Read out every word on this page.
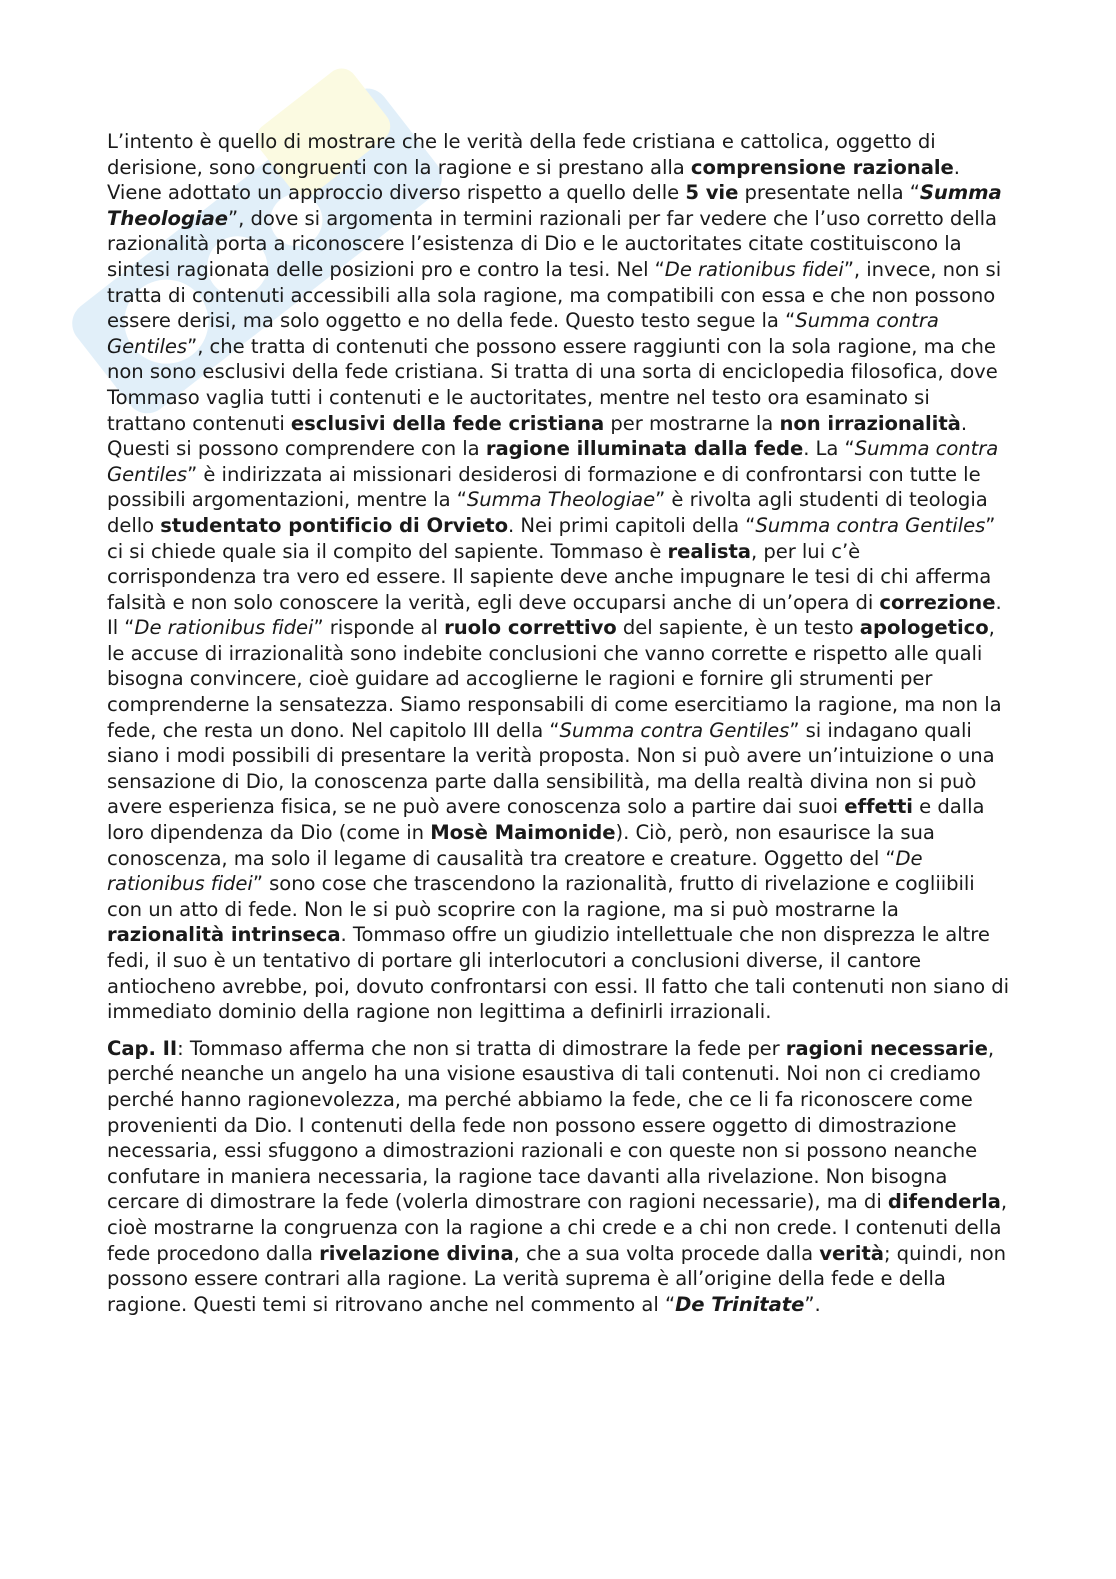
L’intento è quello di mostrare che le verità della fede cristiana e cattolica, oggetto di derisione, sono congruenti con la ragione e si prestano alla comprensione razionale. Viene adottato un approccio diverso rispetto a quello delle 5 vie presentate nella “Summa Theologiae”, dove si argomenta in termini razionali per far vedere che l’uso corretto della razionalità porta a riconoscere l’esistenza di Dio e le auctoritates citate costituiscono la sintesi ragionata delle posizioni pro e contro la tesi. Nel “De rationibus fidei”, invece, non si tratta di contenuti accessibili alla sola ragione, ma compatibili con essa e che non possono essere derisi, ma solo oggetto e no della fede. Questo testo segue la “Summa contra Gentiles”, che tratta di contenuti che possono essere raggiunti con la sola ragione, ma che non sono esclusivi della fede cristiana. Si tratta di una sorta di enciclopedia filosofica, dove Tommaso vaglia tutti i contenuti e le auctoritates, mentre nel testo ora esaminato si trattano contenuti esclusivi della fede cristiana per mostrarne la non irrazionalità. Questi si possono comprendere con la ragione illuminata dalla fede. La “Summa contra Gentiles” è indirizzata ai missionari desiderosi di formazione e di confrontarsi con tutte le possibili argomentazioni, mentre la “Summa Theologiae” è rivolta agli studenti di teologia dello studentato pontificio di Orvieto. Nei primi capitoli della “Summa contra Gentiles” ci si chiede quale sia il compito del sapiente. Tommaso è realista, per lui c’è corrispondenza tra vero ed essere. Il sapiente deve anche impugnare le tesi di chi afferma falsità e non solo conoscere la verità, egli deve occuparsi anche di un’opera di correzione. Il “De rationibus fidei” risponde al ruolo correttivo del sapiente, è un testo apologetico, le accuse di irrazionalità sono indebite conclusioni che vanno corrette e rispetto alle quali bisogna convincere, cioè guidare ad accoglierne le ragioni e fornire gli strumenti per comprenderne la sensatezza. Siamo responsabili di come esercitiamo la ragione, ma non la fede, che resta un dono. Nel capitolo III della “Summa contra Gentiles” si indagano quali siano i modi possibili di presentare la verità proposta. Non si può avere un’intuizione o una sensazione di Dio, la conoscenza parte dalla sensibilità, ma della realtà divina non si può avere esperienza fisica, se ne può avere conoscenza solo a partire dai suoi effetti e dalla loro dipendenza da Dio (come in Mosè Maimonide). Ciò, però, non esaurisce la sua conoscenza, ma solo il legame di causalità tra creatore e creature. Oggetto del “De rationibus fidei” sono cose che trascendono la razionalità, frutto di rivelazione e cogliibili con un atto di fede. Non le si può scoprire con la ragione, ma si può mostrarne la razionalità intrinseca. Tommaso offre un giudizio intellettuale che non disprezza le altre fedi, il suo è un tentativo di portare gli interlocutori a conclusioni diverse, il cantore antiocheno avrebbe, poi, dovuto confrontarsi con essi. Il fatto che tali contenuti non siano di immediato dominio della ragione non legittima a definirli irrazionali.

Cap. II: Tommaso afferma che non si tratta di dimostrare la fede per ragioni necessarie, perché neanche un angelo ha una visione esaustiva di tali contenuti. Noi non ci crediamo perché hanno ragionevolezza, ma perché abbiamo la fede, che ce li fa riconoscere come provenienti da Dio. I contenuti della fede non possono essere oggetto di dimostrazione necessaria, essi sfuggono a dimostrazioni razionali e con queste non si possono neanche confutare in maniera necessaria, la ragione tace davanti alla rivelazione. Non bisogna cercare di dimostrare la fede (volerla dimostrare con ragioni necessarie), ma di difenderla, cioè mostrarne la congruenza con la ragione a chi crede e a chi non crede. I contenuti della fede procedono dalla rivelazione divina, che a sua volta procede dalla verità; quindi, non possono essere contrari alla ragione. La verità suprema è all’origine della fede e della ragione. Questi temi si ritrovano anche nel commento al “De Trinitate”.
